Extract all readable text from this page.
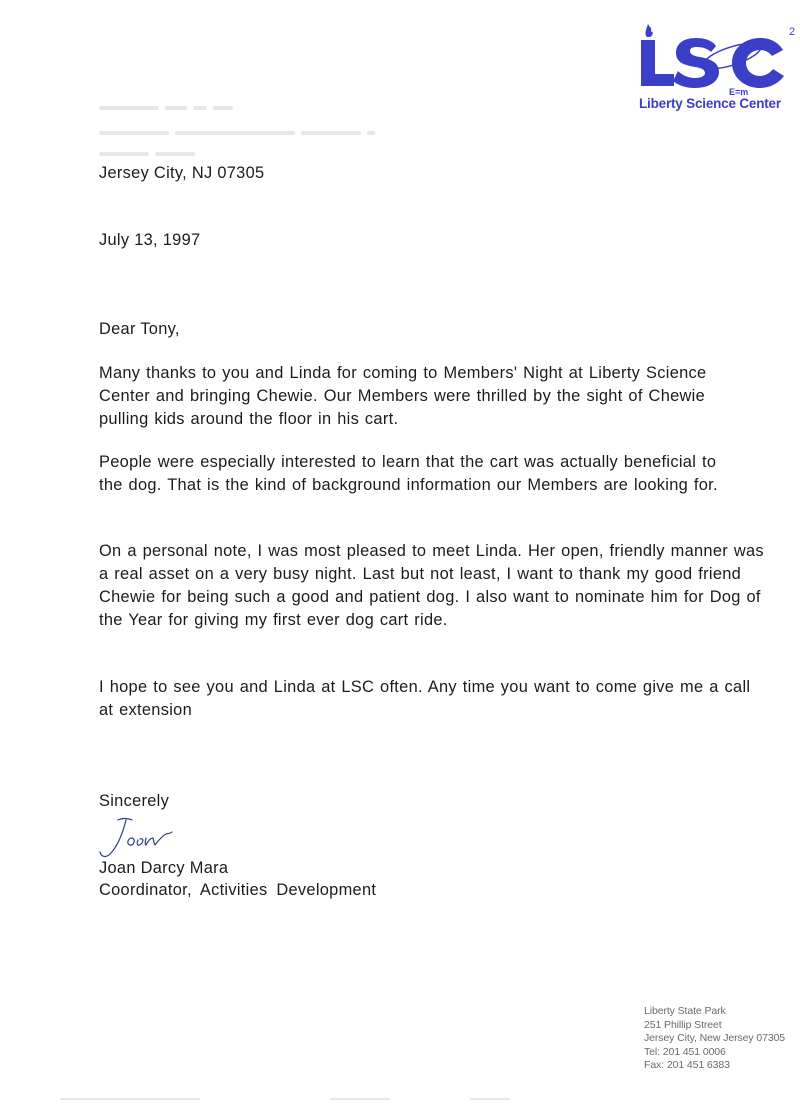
E=m
2
Liberty Science Center
Jersey City, NJ 07305
July 13, 1997
Dear Tony,
Many thanks to you and Linda for coming to Members' Night at Liberty Science Center and bringing Chewie. Our Members were thrilled by the sight of Chewie pulling kids around the floor in his cart.
People were especially interested to learn that the cart was actually beneficial to the dog. That is the kind of background information our Members are looking for.
On a personal note, I was most pleased to meet Linda. Her open, friendly manner was a real asset on a very busy night. Last but not least, I want to thank my good friend Chewie for being such a good and patient dog. I also want to nominate him for Dog of the Year for giving my first ever dog cart ride.
I hope to see you and Linda at LSC often. Any time you want to come give me a call at extension
Sincerely
Joan Darcy Mara
Coordinator, Activities Development
Liberty State Park
251 Phillip Street
Jersey City, New Jersey 07305
Tel: 201 451 0006
Fax: 201 451 6383
